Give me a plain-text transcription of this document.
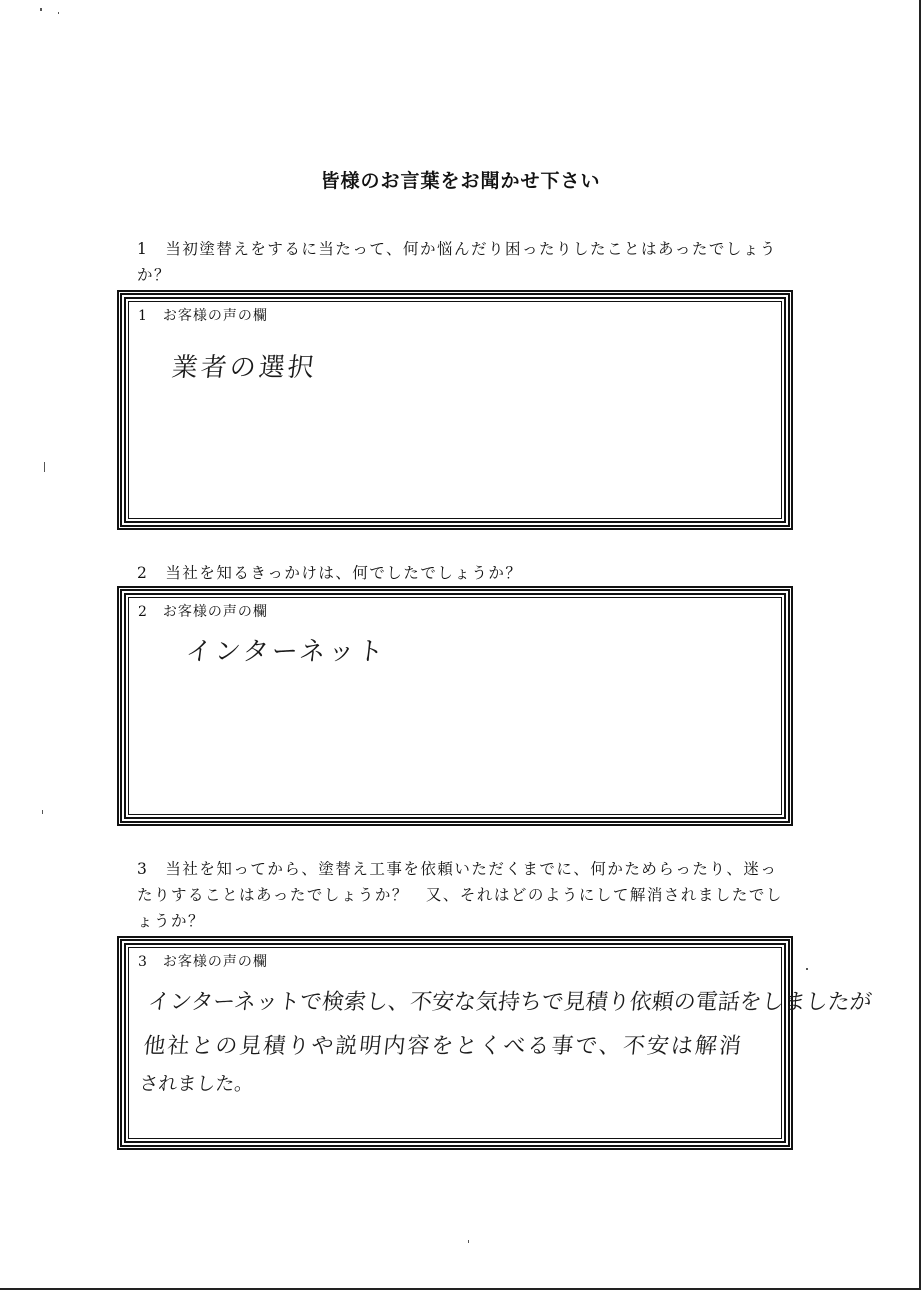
皆様のお言葉をお聞かせ下さい
1　当初塗替えをするに当たって、何か悩んだり困ったりしたことはあったでしょうか？
1　お客様の声の欄
業者の選択
2　当社を知るきっかけは、何でしたでしょうか？
2　お客様の声の欄
インターネット
3　当社を知ってから、塗替え工事を依頼いただくまでに、何かためらったり、迷ったりすることはあったでしょうか？　又、それはどのようにして解消されましたでしょうか？
3　お客様の声の欄
インターネットで検索し、不安な気持ちで見積り依頼の電話をしましたが
他社との見積りや説明内容をとくべる事で、不安は解消
されました。
